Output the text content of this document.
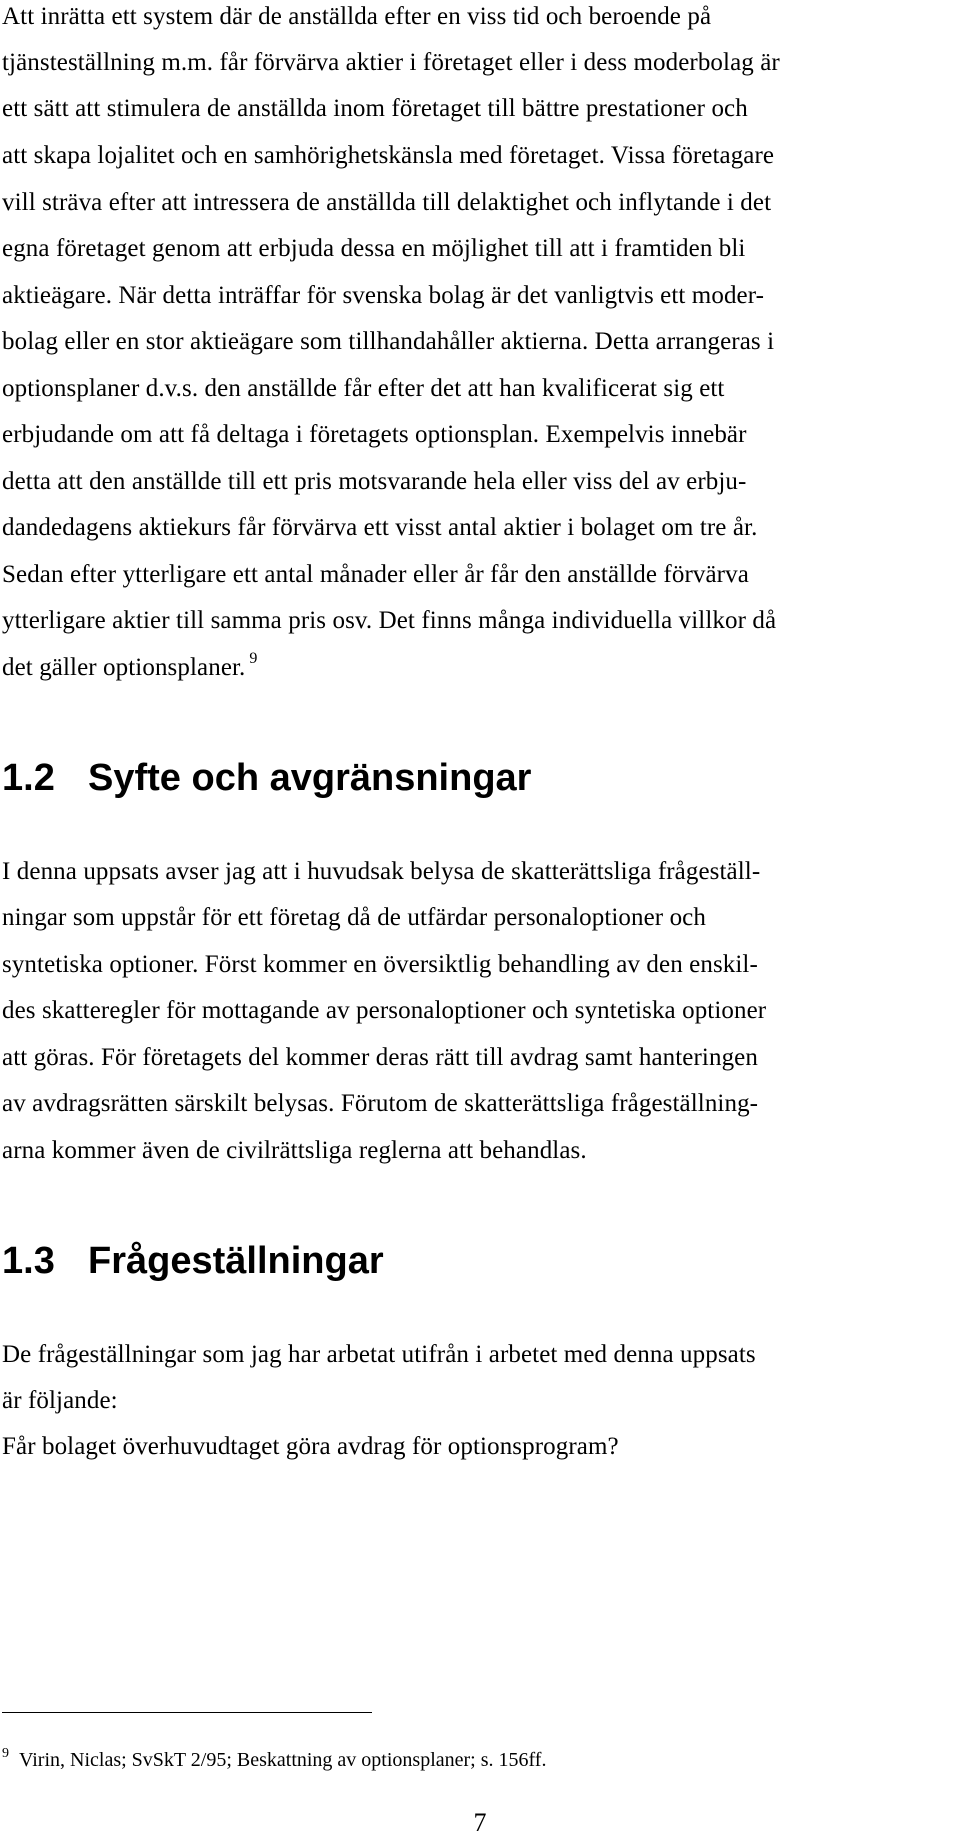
Att inrätta ett system där de anställda efter en viss tid och beroende på
tjänsteställning m.m. får förvärva aktier i företaget eller i dess moderbolag är
ett sätt att stimulera de anställda inom företaget till bättre prestationer och
att skapa lojalitet och en samhörighetskänsla med företaget. Vissa företagare
vill sträva efter att intressera de anställda till delaktighet och inflytande i det
egna företaget genom att erbjuda dessa en möjlighet till att i framtiden bli
aktieägare. När detta inträffar för svenska bolag är det vanligtvis ett moder-
bolag eller en stor aktieägare som tillhandahåller aktierna. Detta arrangeras i
optionsplaner d.v.s. den anställde får efter det att han kvalificerat sig ett
erbjudande om att få deltaga i företagets optionsplan. Exempelvis innebär
detta att den anställde till ett pris motsvarande hela eller viss del av erbju-
dandedagens aktiekurs får förvärva ett visst antal aktier i bolaget om tre år.
Sedan efter ytterligare ett antal månader eller år får den anställde förvärva
ytterligare aktier till samma pris osv. Det finns många individuella villkor då
det gäller optionsplaner. $^9$
1.2 Syfte och avgränsningar
I denna uppsats avser jag att i huvudsak belysa de skatterättsliga frågeställ-
ningar som uppstår för ett företag då de utfärdar personaloptioner och
syntetiska optioner. Först kommer en översiktlig behandling av den enskil-
des skatteregler för mottagande av personaloptioner och syntetiska optioner
att göras. För företagets del kommer deras rätt till avdrag samt hanteringen
av avdragsrätten särskilt belysas. Förutom de skatterättsliga frågeställning-
arna kommer även de civilrättsliga reglerna att behandlas.
1.3 Frågeställningar
De frågeställningar som jag har arbetat utifrån i arbetet med denna uppsats
är följande:
Får bolaget överhuvudtaget göra avdrag för optionsprogram?
$^9$ Virin, Niclas; SvSkT 2/95; Beskattning av optionsplaner; s. 156ff.
7
